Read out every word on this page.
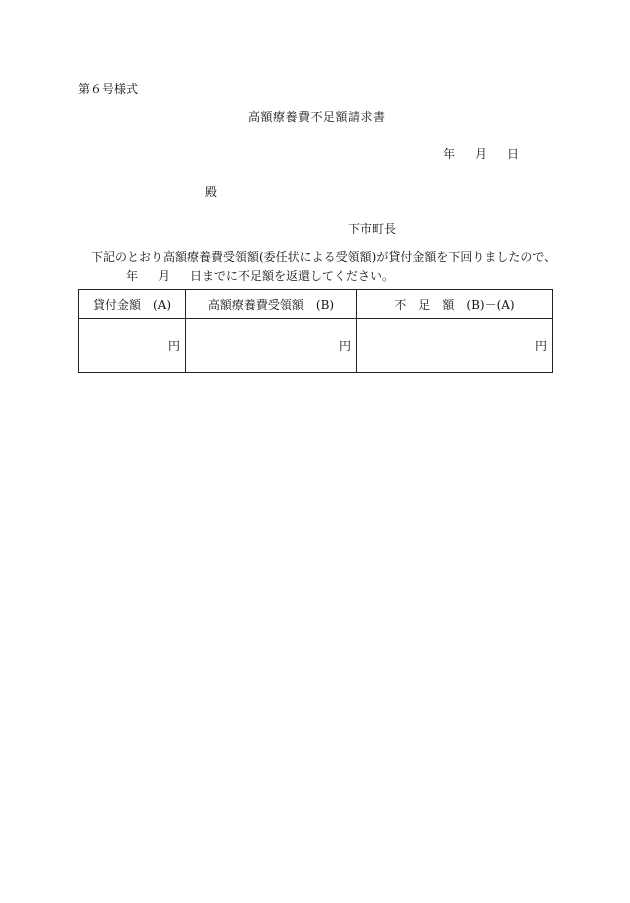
第６号様式
高額療養費不足額請求書
年 月 日
殿
下市町長
下記のとおり高額療養費受領額(委任状による受領額)が貸付金額を下回りましたので、
年 月 日までに不足額を返還してください。
貸付金額　(A)	高額療養費受領額　(B)	不　足　額　(B)－(A)
円	円	円
